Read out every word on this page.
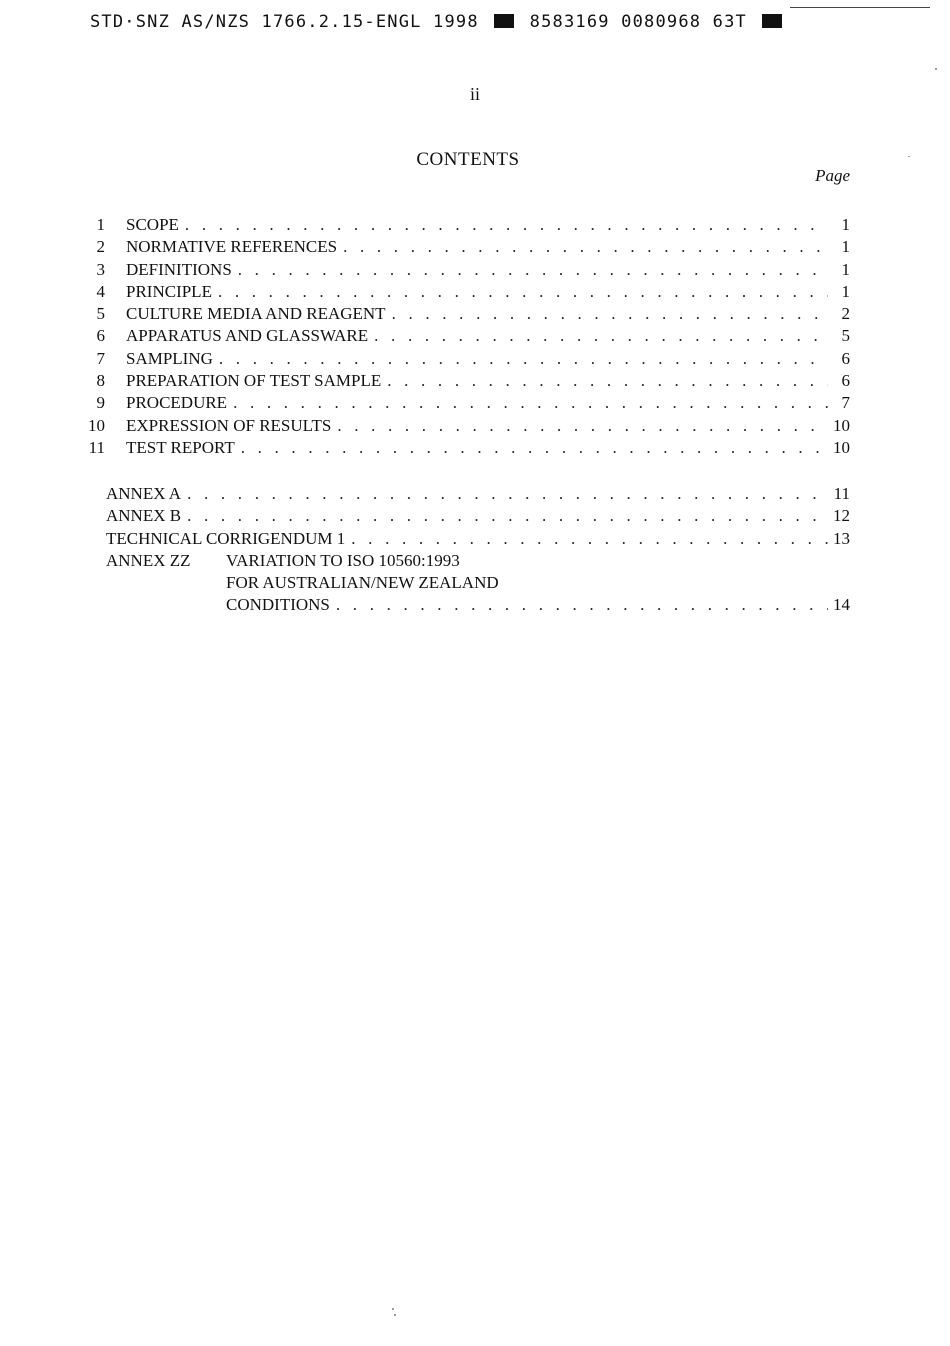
STD·SNZ AS/NZS 1766.2.15-ENGL 1998	8583169 0080968 63T
ii
CONTENTS
Page
1 SCOPE . . .	1
2 NORMATIVE REFERENCES . . .	1
3 DEFINITIONS . . .	1
4 PRINCIPLE . . .	1
5 CULTURE MEDIA AND REAGENT . . .	2
6 APPARATUS AND GLASSWARE . . .	5
7 SAMPLING . . .	6
8 PREPARATION OF TEST SAMPLE . . .	6
9 PROCEDURE . . .	7
10 EXPRESSION OF RESULTS . . .	10
11 TEST REPORT . . .	10
ANNEX A . . .	11
ANNEX B . . .	12
TECHNICAL CORRIGENDUM 1 . . .	13
ANNEX ZZ VARIATION TO ISO 10560:1993
FOR AUSTRALIAN/NEW ZEALAND
CONDITIONS . . .	14
